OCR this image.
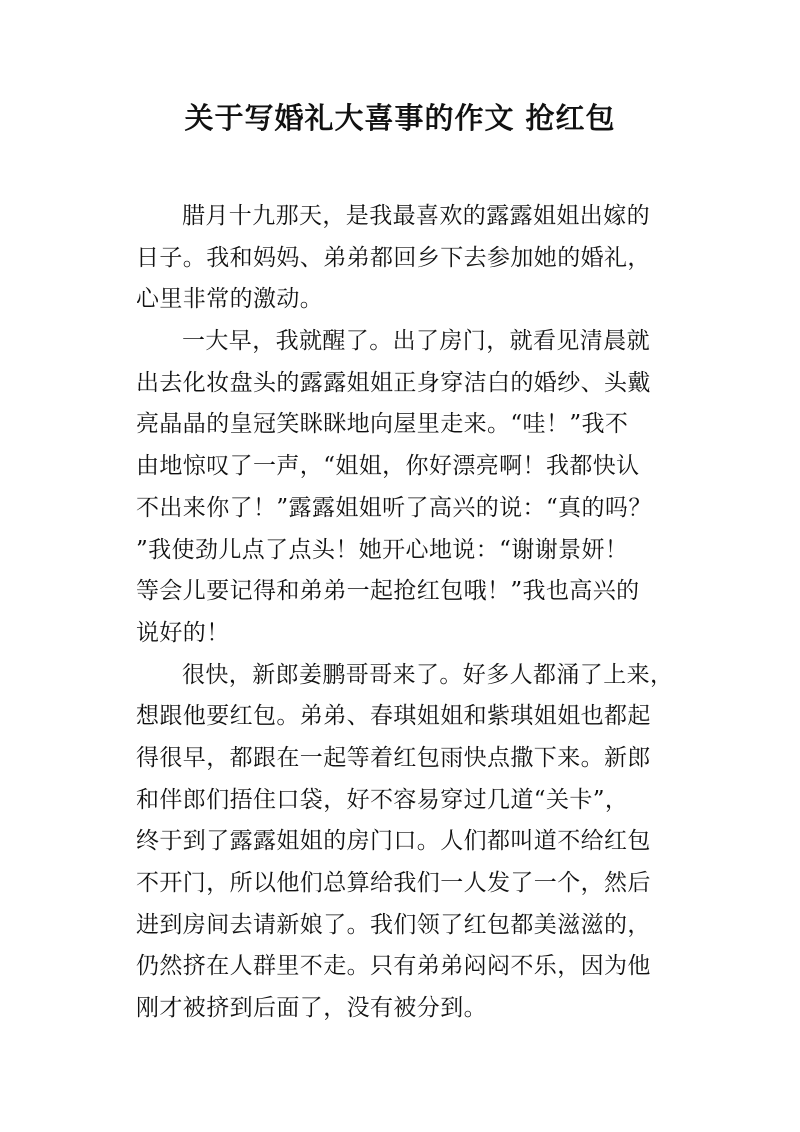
关于写婚礼大喜事的作文 抢红包
腊月十九那天，是我最喜欢的露露姐姐出嫁的
日子。我和妈妈、弟弟都回乡下去参加她的婚礼，
心里非常的激动。
一大早，我就醒了。出了房门，就看见清晨就
出去化妆盘头的露露姐姐正身穿洁白的婚纱、头戴
亮晶晶的皇冠笑眯眯地向屋里走来。“哇！”我不
由地惊叹了一声，“姐姐，你好漂亮啊！我都快认
不出来你了！”露露姐姐听了高兴的说：“真的吗？
”我使劲儿点了点头！她开心地说：“谢谢景妍！
等会儿要记得和弟弟一起抢红包哦！”我也高兴的
说好的！
很快，新郎姜鹏哥哥来了。好多人都涌了上来，
想跟他要红包。弟弟、春琪姐姐和紫琪姐姐也都起
得很早，都跟在一起等着红包雨快点撒下来。新郎
和伴郎们捂住口袋，好不容易穿过几道“关卡”，
终于到了露露姐姐的房门口。人们都叫道不给红包
不开门，所以他们总算给我们一人发了一个，然后
进到房间去请新娘了。我们领了红包都美滋滋的，
仍然挤在人群里不走。只有弟弟闷闷不乐，因为他
刚才被挤到后面了，没有被分到。
